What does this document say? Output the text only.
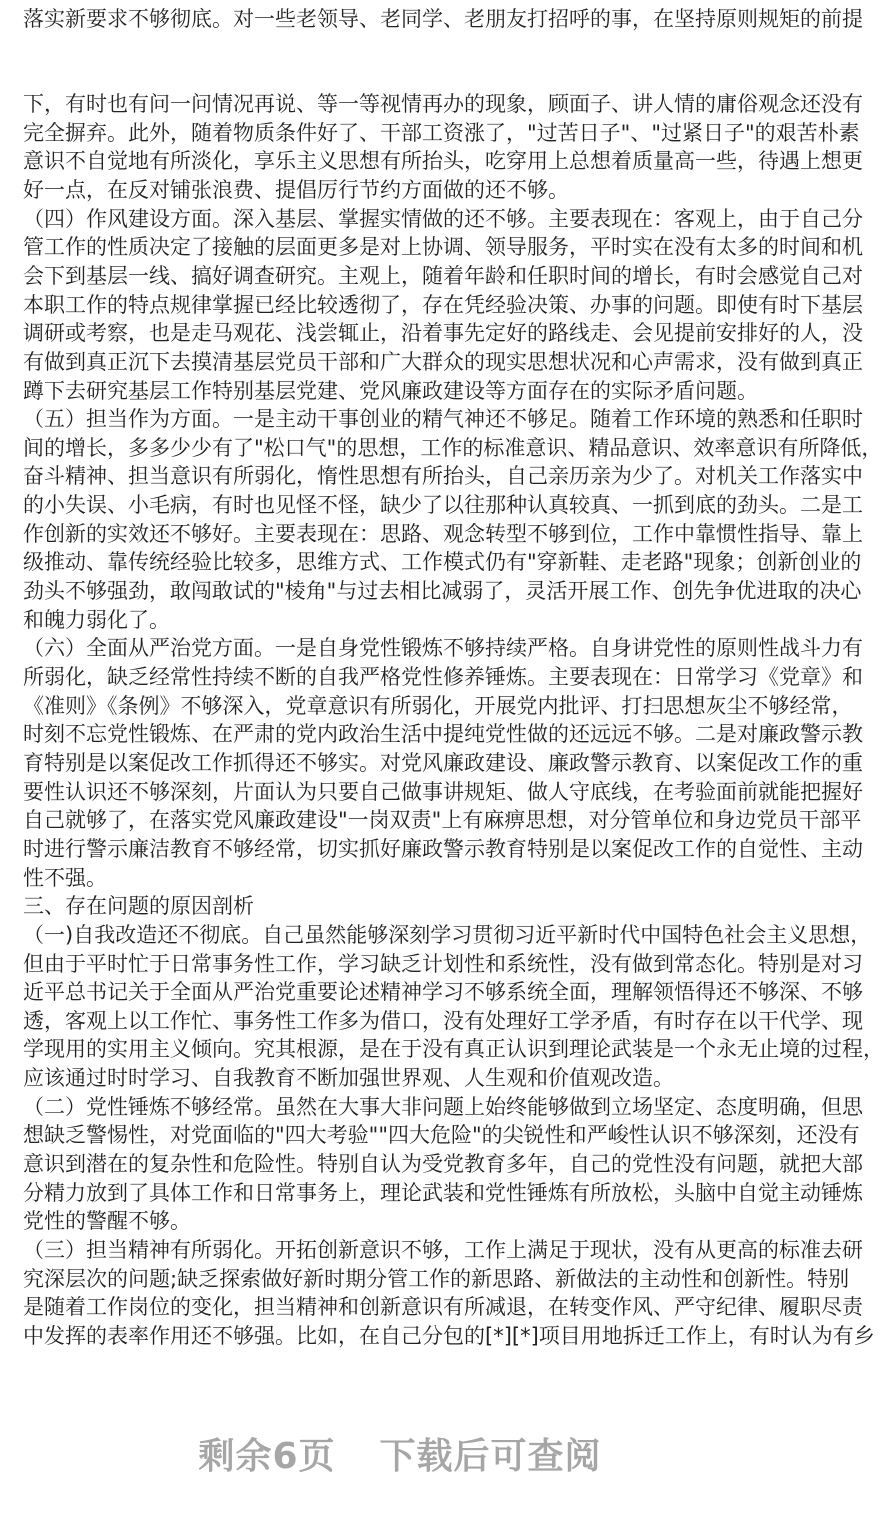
落实新要求不够彻底。对一些老领导、老同学、老朋友打招呼的事，在坚持原则规矩的前提
下，有时也有问一问情况再说、等一等视情再办的现象，顾面子、讲人情的庸俗观念还没有
完全摒弃。此外，随着物质条件好了、干部工资涨了，"过苦日子"、"过紧日子"的艰苦朴素
意识不自觉地有所淡化，享乐主义思想有所抬头，吃穿用上总想着质量高一些，待遇上想更
好一点，在反对铺张浪费、提倡厉行节约方面做的还不够。
（四）作风建设方面。深入基层、掌握实情做的还不够。主要表现在：客观上，由于自己分
管工作的性质决定了接触的层面更多是对上协调、领导服务，平时实在没有太多的时间和机
会下到基层一线、搞好调查研究。主观上，随着年龄和任职时间的增长，有时会感觉自己对
本职工作的特点规律掌握已经比较透彻了，存在凭经验决策、办事的问题。即使有时下基层
调研或考察，也是走马观花、浅尝辄止，沿着事先定好的路线走、会见提前安排好的人，没
有做到真正沉下去摸清基层党员干部和广大群众的现实思想状况和心声需求，没有做到真正
蹲下去研究基层工作特别基层党建、党风廉政建设等方面存在的实际矛盾问题。
（五）担当作为方面。一是主动干事创业的精气神还不够足。随着工作环境的熟悉和任职时
间的增长，多多少少有了"松口气"的思想，工作的标准意识、精品意识、效率意识有所降低，
奋斗精神、担当意识有所弱化，惰性思想有所抬头，自己亲历亲为少了。对机关工作落实中
的小失误、小毛病，有时也见怪不怪，缺少了以往那种认真较真、一抓到底的劲头。二是工
作创新的实效还不够好。主要表现在：思路、观念转型不够到位，工作中靠惯性指导、靠上
级推动、靠传统经验比较多，思维方式、工作模式仍有"穿新鞋、走老路"现象；创新创业的
劲头不够强劲，敢闯敢试的"棱角"与过去相比减弱了，灵活开展工作、创先争优进取的决心
和魄力弱化了。
（六）全面从严治党方面。一是自身党性锻炼不够持续严格。自身讲党性的原则性战斗力有
所弱化，缺乏经常性持续不断的自我严格党性修养锤炼。主要表现在：日常学习《党章》和
《准则》《条例》不够深入，党章意识有所弱化，开展党内批评、打扫思想灰尘不够经常，
时刻不忘党性锻炼、在严肃的党内政治生活中提纯党性做的还远远不够。二是对廉政警示教
育特别是以案促改工作抓得还不够实。对党风廉政建设、廉政警示教育、以案促改工作的重
要性认识还不够深刻，片面认为只要自己做事讲规矩、做人守底线，在考验面前就能把握好
自己就够了，在落实党风廉政建设"一岗双责"上有麻痹思想，对分管单位和身边党员干部平
时进行警示廉洁教育不够经常，切实抓好廉政警示教育特别是以案促改工作的自觉性、主动
性不强。
三、存在问题的原因剖析
（一)自我改造还不彻底。自己虽然能够深刻学习贯彻习近平新时代中国特色社会主义思想，
但由于平时忙于日常事务性工作，学习缺乏计划性和系统性，没有做到常态化。特别是对习
近平总书记关于全面从严治党重要论述精神学习不够系统全面，理解领悟得还不够深、不够
透，客观上以工作忙、事务性工作多为借口，没有处理好工学矛盾，有时存在以干代学、现
学现用的实用主义倾向。究其根源，是在于没有真正认识到理论武装是一个永无止境的过程，
应该通过时时学习、自我教育不断加强世界观、人生观和价值观改造。
（二）党性锤炼不够经常。虽然在大事大非问题上始终能够做到立场坚定、态度明确，但思
想缺乏警惕性，对党面临的"四大考验""四大危险"的尖锐性和严峻性认识不够深刻，还没有
意识到潜在的复杂性和危险性。特别自认为受党教育多年，自己的党性没有问题，就把大部
分精力放到了具体工作和日常事务上，理论武装和党性锤炼有所放松，头脑中自觉主动锤炼
党性的警醒不够。
（三）担当精神有所弱化。开拓创新意识不够，工作上满足于现状，没有从更高的标准去研
究深层次的问题;缺乏探索做好新时期分管工作的新思路、新做法的主动性和创新性。特别
是随着工作岗位的变化，担当精神和创新意识有所减退，在转变作风、严守纪律、履职尽责
中发挥的表率作用还不够强。比如，在自己分包的[*][*]项目用地拆迁工作上，有时认为有乡
剩余6页 下载后可查阅
